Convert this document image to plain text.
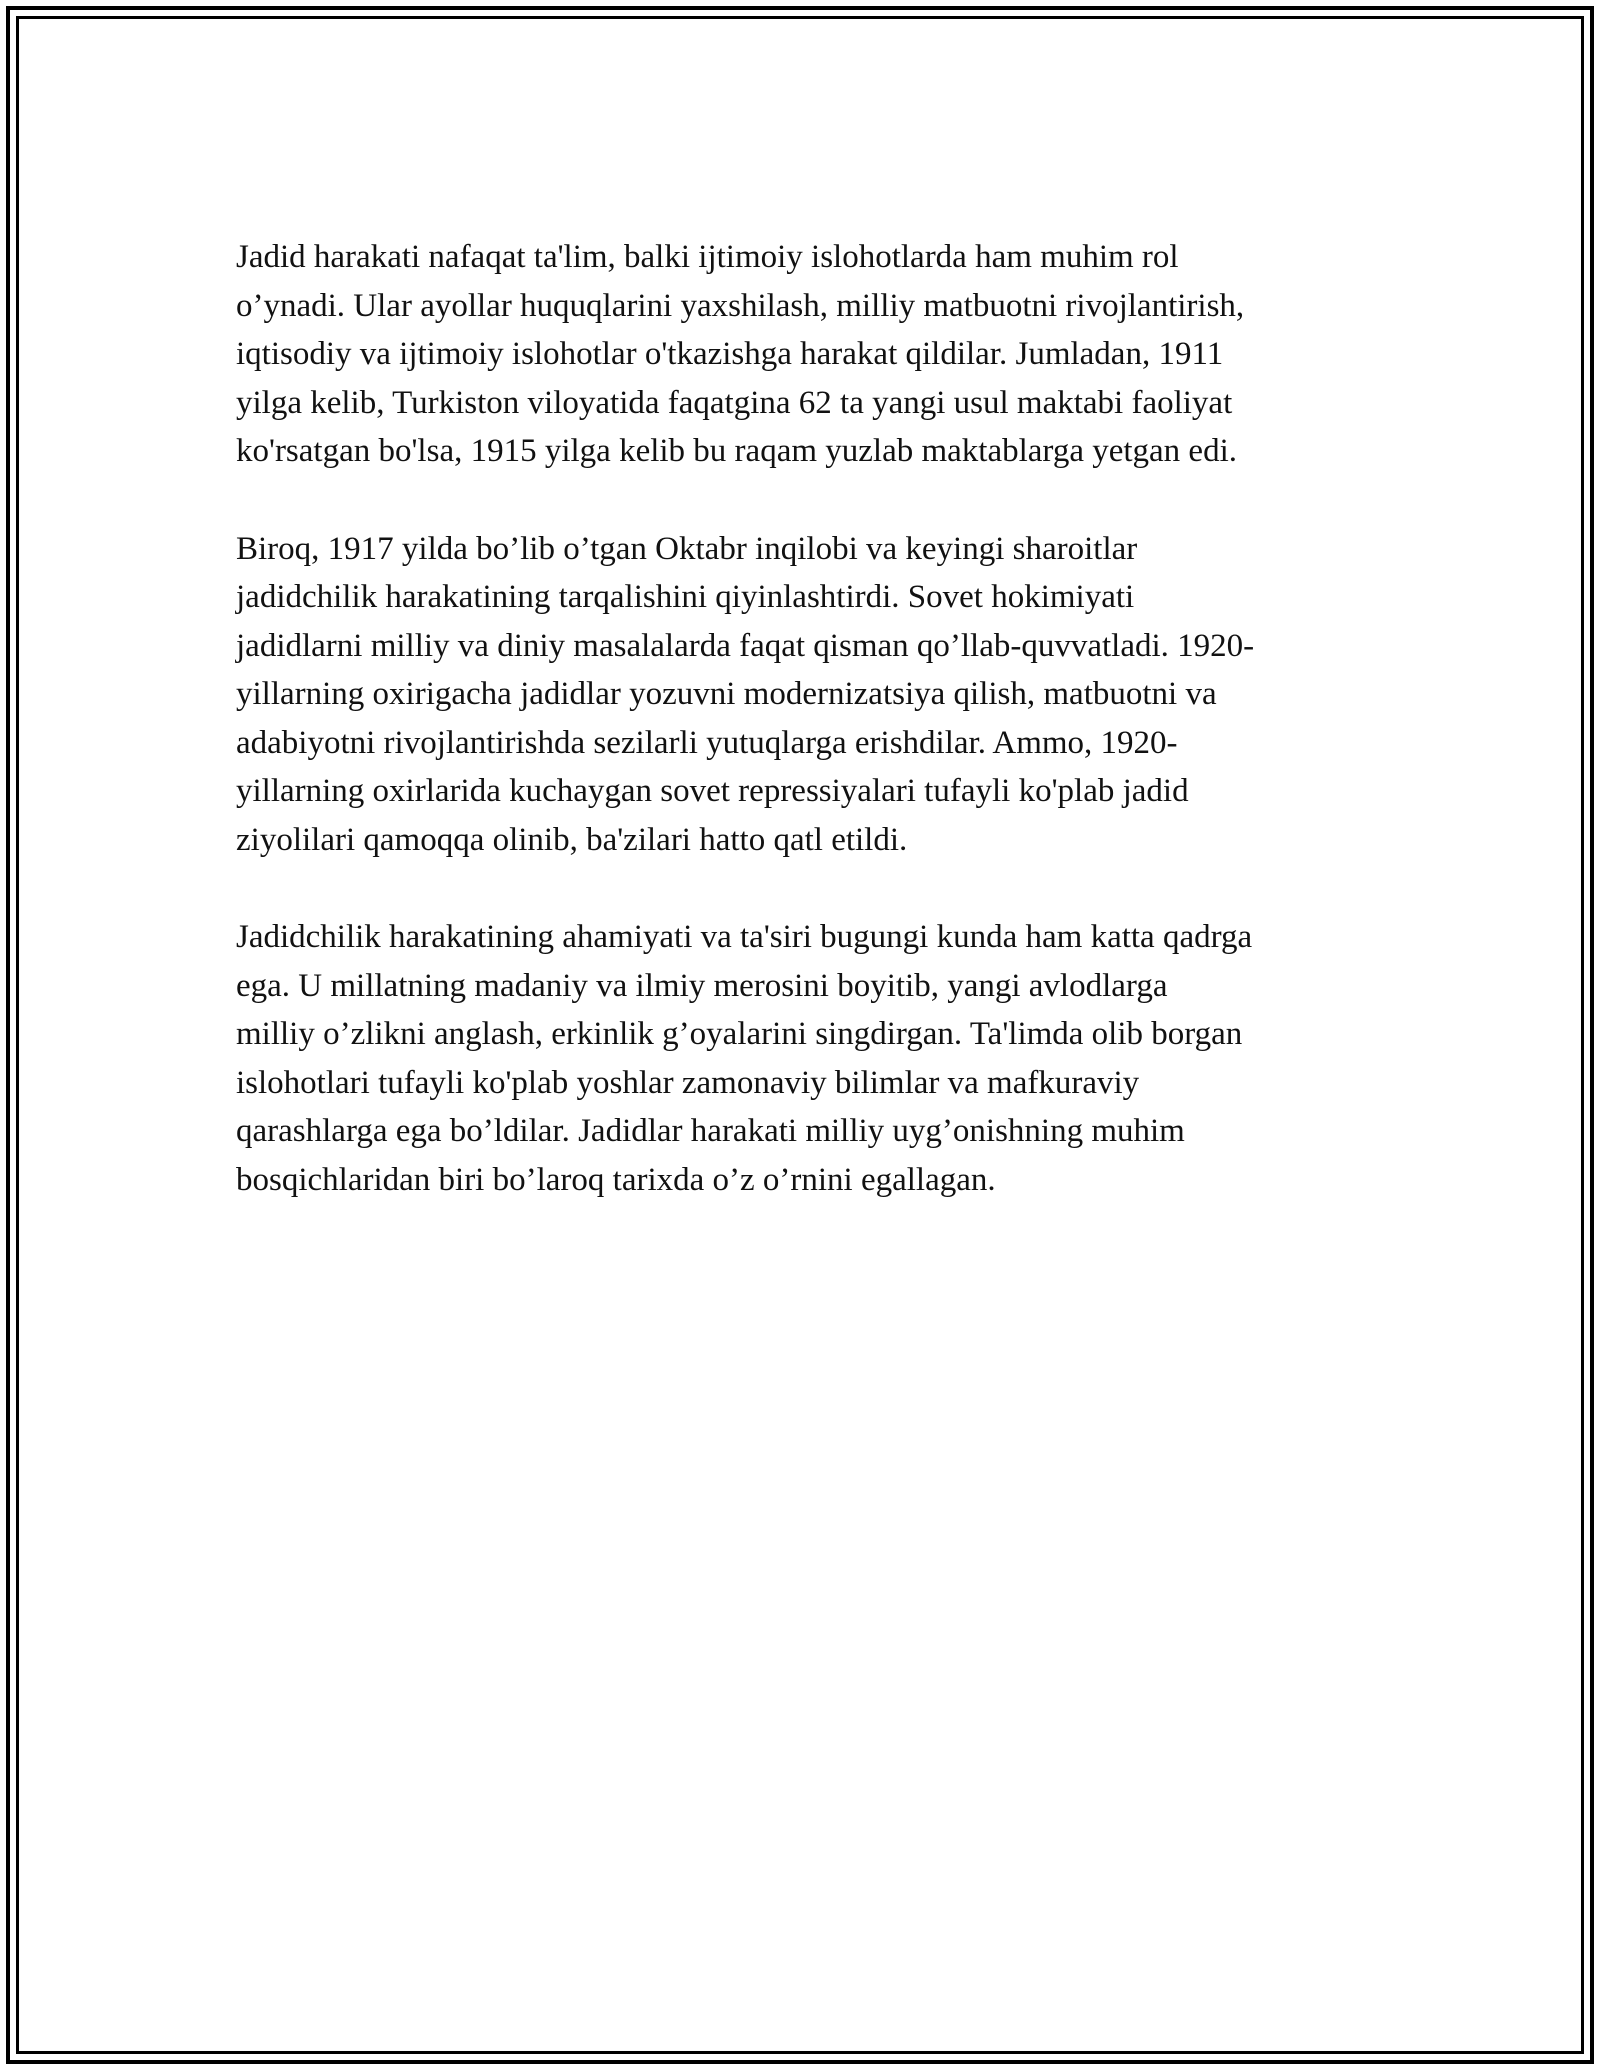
Jadid harakati nafaqat ta'lim, balki ijtimoiy islohotlarda ham muhim rol
o’ynadi. Ular ayollar huquqlarini yaxshilash, milliy matbuotni rivojlantirish,
iqtisodiy va ijtimoiy islohotlar o'tkazishga harakat qildilar. Jumladan, 1911
yilga kelib, Turkiston viloyatida faqatgina 62 ta yangi usul maktabi faoliyat
ko'rsatgan bo'lsa, 1915 yilga kelib bu raqam yuzlab maktablarga yetgan edi.

Biroq, 1917 yilda bo’lib o’tgan Oktabr inqilobi va keyingi sharoitlar
jadidchilik harakatining tarqalishini qiyinlashtirdi. Sovet hokimiyati
jadidlarni milliy va diniy masalalarda faqat qisman qo’llab-quvvatladi. 1920-
yillarning oxirigacha jadidlar yozuvni modernizatsiya qilish, matbuotni va
adabiyotni rivojlantirishda sezilarli yutuqlarga erishdilar. Ammo, 1920-
yillarning oxirlarida kuchaygan sovet repressiyalari tufayli ko'plab jadid
ziyolilari qamoqqa olinib, ba'zilari hatto qatl etildi.

Jadidchilik harakatining ahamiyati va ta'siri bugungi kunda ham katta qadrga
ega. U millatning madaniy va ilmiy merosini boyitib, yangi avlodlarga
milliy o’zlikni anglash, erkinlik g’oyalarini singdirgan. Ta'limda olib borgan
islohotlari tufayli ko'plab yoshlar zamonaviy bilimlar va mafkuraviy
qarashlarga ega bo’ldilar. Jadidlar harakati milliy uyg’onishning muhim
bosqichlaridan biri bo’laroq tarixda o’z o’rnini egallagan.
